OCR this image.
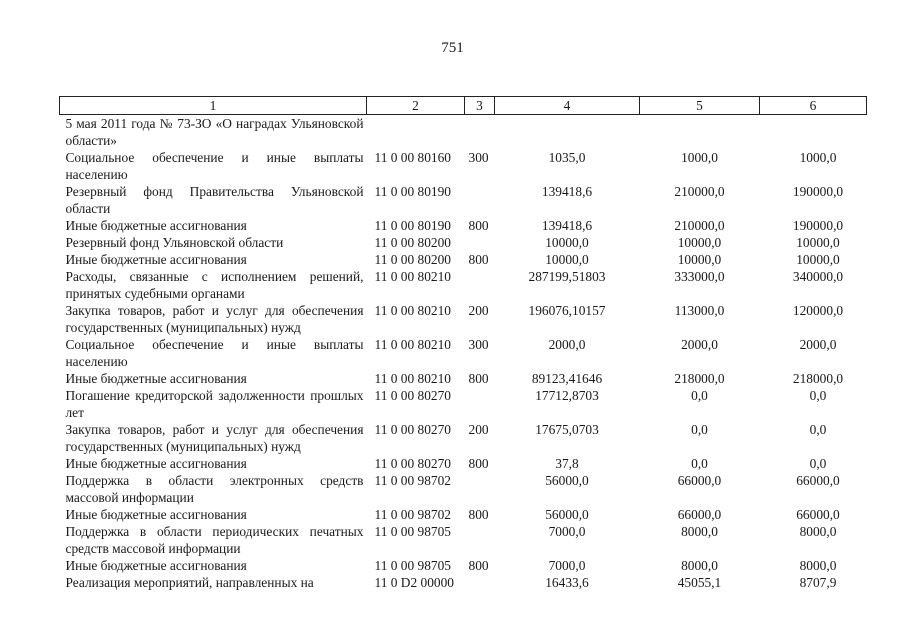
751
1	2	3	4	5	6
5 мая 2011 года № 73-ЗО «О наградах Ульяновской области»					
Социальное обеспечение и иные выплаты населению	11 0 00 80160	300	1035,0	1000,0	1000,0
Резервный фонд Правительства Ульяновской области	11 0 00 80190		139418,6	210000,0	190000,0
Иные бюджетные ассигнования	11 0 00 80190	800	139418,6	210000,0	190000,0
Резервный фонд Ульяновской области	11 0 00 80200		10000,0	10000,0	10000,0
Иные бюджетные ассигнования	11 0 00 80200	800	10000,0	10000,0	10000,0
Расходы, связанные с исполнением решений, принятых судебными органами	11 0 00 80210		287199,51803	333000,0	340000,0
Закупка товаров, работ и услуг для обеспечения государственных (муниципальных) нужд	11 0 00 80210	200	196076,10157	113000,0	120000,0
Социальное обеспечение и иные выплаты населению	11 0 00 80210	300	2000,0	2000,0	2000,0
Иные бюджетные ассигнования	11 0 00 80210	800	89123,41646	218000,0	218000,0
Погашение кредиторской задолженности прошлых лет	11 0 00 80270		17712,8703	0,0	0,0
Закупка товаров, работ и услуг для обеспечения государственных (муниципальных) нужд	11 0 00 80270	200	17675,0703	0,0	0,0
Иные бюджетные ассигнования	11 0 00 80270	800	37,8	0,0	0,0
Поддержка в области электронных средств массовой информации	11 0 00 98702		56000,0	66000,0	66000,0
Иные бюджетные ассигнования	11 0 00 98702	800	56000,0	66000,0	66000,0
Поддержка в области периодических печатных средств массовой информации	11 0 00 98705		7000,0	8000,0	8000,0
Иные бюджетные ассигнования	11 0 00 98705	800	7000,0	8000,0	8000,0
Реализация мероприятий, направленных на	11 0 D2 00000		16433,6	45055,1	8707,9
